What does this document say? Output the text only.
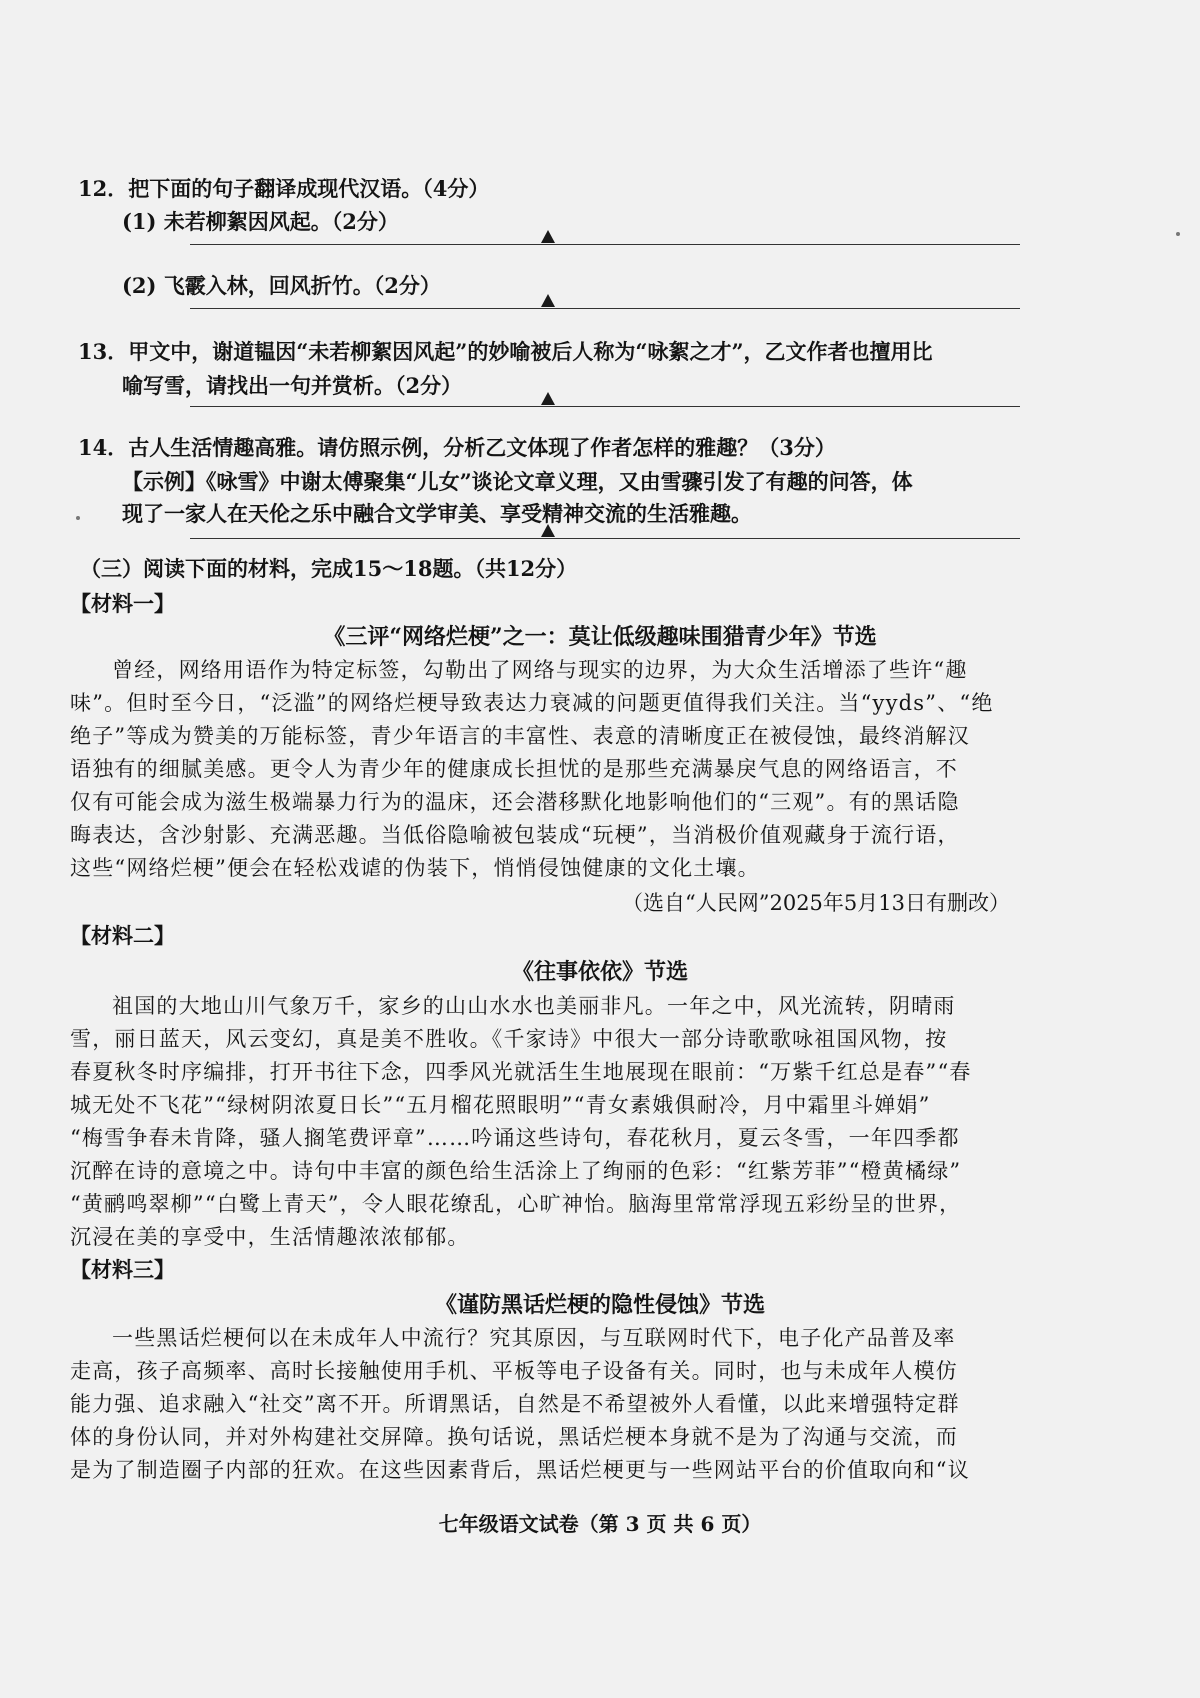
12．把下面的句子翻译成现代汉语。（4分）
(1) 未若柳絮因风起。（2分）
(2) 飞霰入林，回风折竹。（2分）
13．甲文中，谢道韫因“未若柳絮因风起”的妙喻被后人称为“咏絮之才”，乙文作者也擅用比
喻写雪，请找出一句并赏析。（2分）
14．古人生活情趣高雅。请仿照示例，分析乙文体现了作者怎样的雅趣？（3分）
【示例】《咏雪》中谢太傅聚集“儿女”谈论文章义理，又由雪骤引发了有趣的问答，体
现了一家人在天伦之乐中融合文学审美、享受精神交流的生活雅趣。
（三）阅读下面的材料，完成15～18题。（共12分）
【材料一】
《三评“网络烂梗”之一：莫让低级趣味围猎青少年》节选
曾经，网络用语作为特定标签，勾勒出了网络与现实的边界，为大众生活增添了些许“趣
味”。但时至今日，“泛滥”的网络烂梗导致表达力衰减的问题更值得我们关注。当“yyds”、“绝
绝子”等成为赞美的万能标签，青少年语言的丰富性、表意的清晰度正在被侵蚀，最终消解汉
语独有的细腻美感。更令人为青少年的健康成长担忧的是那些充满暴戾气息的网络语言，不
仅有可能会成为滋生极端暴力行为的温床，还会潜移默化地影响他们的“三观”。有的黑话隐
晦表达，含沙射影、充满恶趣。当低俗隐喻被包装成“玩梗”，当消极价值观藏身于流行语，
这些“网络烂梗”便会在轻松戏谑的伪装下，悄悄侵蚀健康的文化土壤。
（选自“人民网”2025年5月13日有删改）
【材料二】
《往事依依》节选
祖国的大地山川气象万千，家乡的山山水水也美丽非凡。一年之中，风光流转，阴晴雨
雪，丽日蓝天，风云变幻，真是美不胜收。《千家诗》中很大一部分诗歌歌咏祖国风物，按
春夏秋冬时序编排，打开书往下念，四季风光就活生生地展现在眼前：“万紫千红总是春”“春
城无处不飞花”“绿树阴浓夏日长”“五月榴花照眼明”“青女素娥俱耐冷，月中霜里斗婵娟”
“梅雪争春未肯降，骚人搁笔费评章”……吟诵这些诗句，春花秋月，夏云冬雪，一年四季都
沉醉在诗的意境之中。诗句中丰富的颜色给生活涂上了绚丽的色彩：“红紫芳菲”“橙黄橘绿”
“黄鹂鸣翠柳”“白鹭上青天”，令人眼花缭乱，心旷神怡。脑海里常常浮现五彩纷呈的世界，
沉浸在美的享受中，生活情趣浓浓郁郁。
【材料三】
《谨防黑话烂梗的隐性侵蚀》节选
一些黑话烂梗何以在未成年人中流行？究其原因，与互联网时代下，电子化产品普及率
走高，孩子高频率、高时长接触使用手机、平板等电子设备有关。同时，也与未成年人模仿
能力强、追求融入“社交”离不开。所谓黑话，自然是不希望被外人看懂，以此来增强特定群
体的身份认同，并对外构建社交屏障。换句话说，黑话烂梗本身就不是为了沟通与交流，而
是为了制造圈子内部的狂欢。在这些因素背后，黑话烂梗更与一些网站平台的价值取向和“议
七年级语文试卷（第 3 页 共 6 页）
